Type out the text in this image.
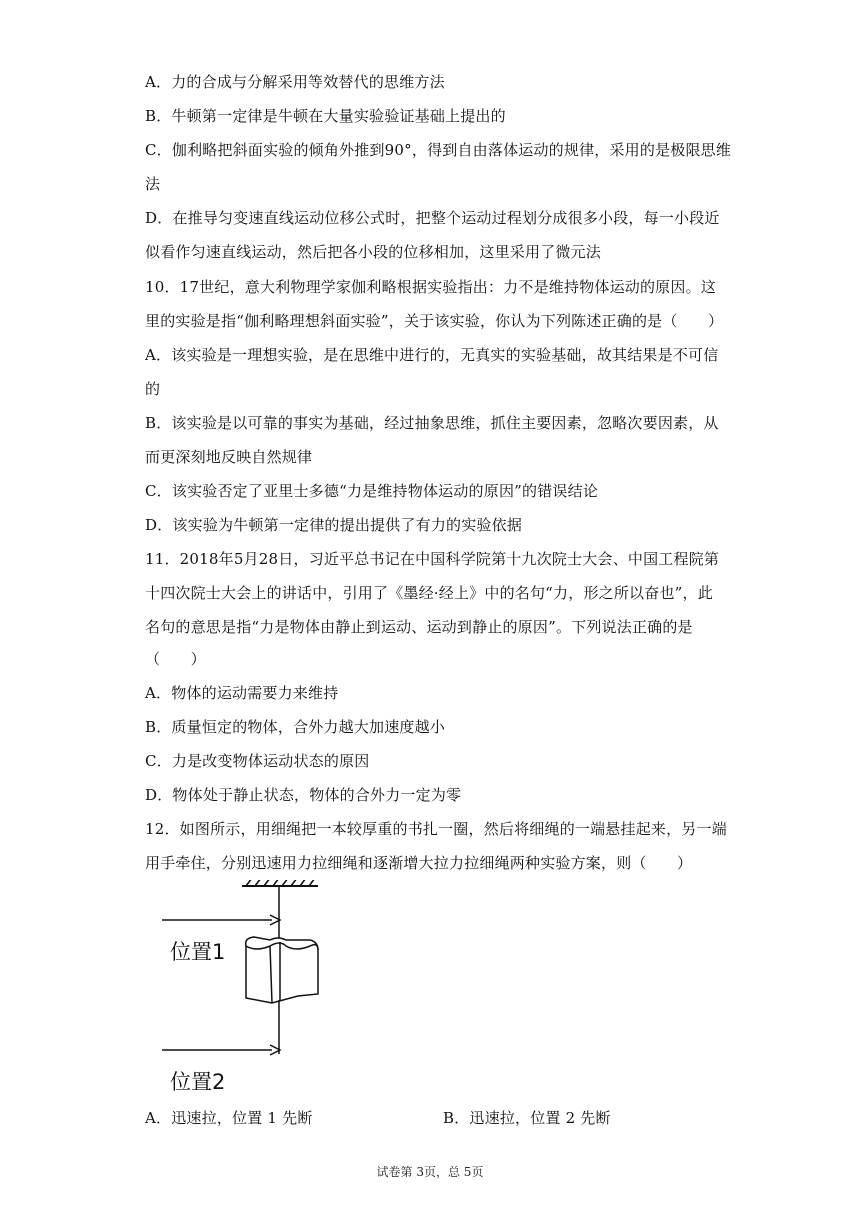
A．力的合成与分解采用等效替代的思维方法
B．牛顿第一定律是牛顿在大量实验验证基础上提出的
C．伽利略把斜面实验的倾角外推到90°，得到自由落体运动的规律，采用的是极限思维
法
D．在推导匀变速直线运动位移公式时，把整个运动过程划分成很多小段，每一小段近
似看作匀速直线运动，然后把各小段的位移相加，这里采用了微元法
10．17世纪，意大利物理学家伽利略根据实验指出：力不是维持物体运动的原因。这
里的实验是指“伽利略理想斜面实验”，关于该实验，你认为下列陈述正确的是（　　）
A．该实验是一理想实验，是在思维中进行的，无真实的实验基础，故其结果是不可信
的
B．该实验是以可靠的事实为基础，经过抽象思维，抓住主要因素，忽略次要因素，从
而更深刻地反映自然规律
C．该实验否定了亚里士多德“力是维持物体运动的原因”的错误结论
D．该实验为牛顿第一定律的提出提供了有力的实验依据
11．2018年5月28日，习近平总书记在中国科学院第十九次院士大会、中国工程院第
十四次院士大会上的讲话中，引用了《墨经·经上》中的名句“力，形之所以奋也”，此
名句的意思是指“力是物体由静止到运动、运动到静止的原因”。下列说法正确的是
（　　）
A．物体的运动需要力来维持
B．质量恒定的物体，合外力越大加速度越小
C．力是改变物体运动状态的原因
D．物体处于静止状态，物体的合外力一定为零
12．如图所示，用细绳把一本较厚重的书扎一圈，然后将细绳的一端悬挂起来，另一端
用手牵住，分别迅速用力拉细绳和逐渐增大拉力拉细绳两种实验方案，则（　　）
位置1
位置2
A．迅速拉，位置 1 先断	B．迅速拉，位置 2 先断
试卷第 3页，总 5页
